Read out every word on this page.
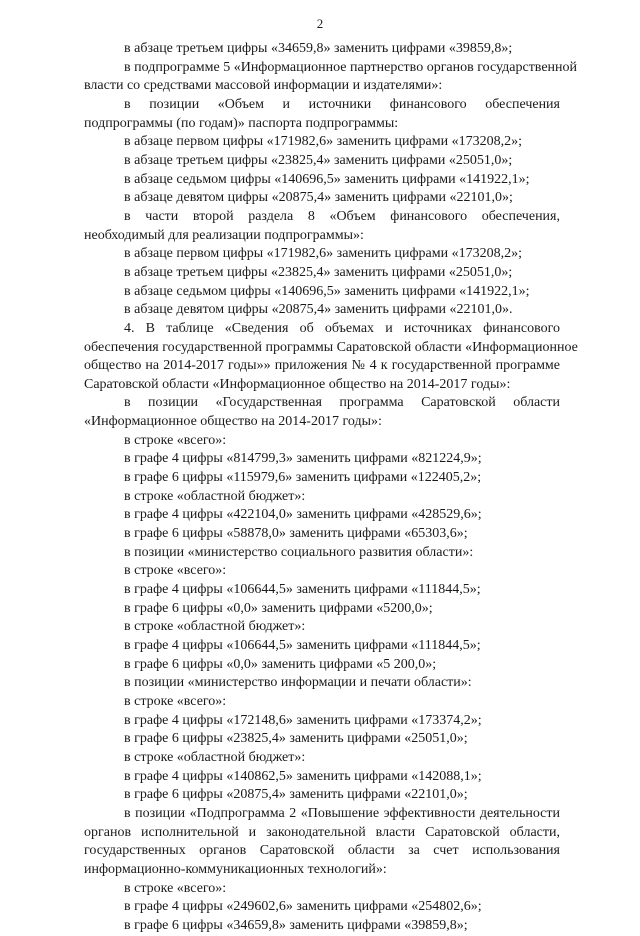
2
в абзаце третьем цифры «34659,8» заменить цифрами «39859,8»;
в подпрограмме 5 «Информационное партнерство органов государственной
власти со средствами массовой информации и издателями»:
в позиции «Объем и источники финансового обеспечения
подпрограммы (по годам)» паспорта подпрограммы:
в абзаце первом цифры «171982,6» заменить цифрами «173208,2»;
в абзаце третьем цифры «23825,4» заменить цифрами «25051,0»;
в абзаце седьмом цифры «140696,5» заменить цифрами «141922,1»;
в абзаце девятом цифры «20875,4» заменить цифрами «22101,0»;
в части второй раздела 8 «Объем финансового обеспечения,
необходимый для реализации подпрограммы»:
в абзаце первом цифры «171982,6» заменить цифрами «173208,2»;
в абзаце третьем цифры «23825,4» заменить цифрами «25051,0»;
в абзаце седьмом цифры «140696,5» заменить цифрами «141922,1»;
в абзаце девятом цифры «20875,4» заменить цифрами «22101,0».
4. В таблице «Сведения об объемах и источниках финансового
обеспечения государственной программы Саратовской области «Информационное
общество на 2014-2017 годы»» приложения № 4 к государственной программе
Саратовской области «Информационное общество на 2014-2017 годы»:
в позиции «Государственная программа Саратовской области
«Информационное общество на 2014-2017 годы»:
в строке «всего»:
в графе 4 цифры «814799,3» заменить цифрами «821224,9»;
в графе 6 цифры «115979,6» заменить цифрами «122405,2»;
в строке «областной бюджет»:
в графе 4 цифры «422104,0» заменить цифрами «428529,6»;
в графе 6 цифры «58878,0» заменить цифрами «65303,6»;
в позиции «министерство социального развития области»:
в строке «всего»:
в графе 4 цифры «106644,5» заменить цифрами «111844,5»;
в графе 6 цифры «0,0» заменить цифрами «5200,0»;
в строке «областной бюджет»:
в графе 4 цифры «106644,5» заменить цифрами «111844,5»;
в графе 6 цифры «0,0» заменить цифрами «5 200,0»;
в позиции «министерство информации и печати области»:
в строке «всего»:
в графе 4 цифры «172148,6» заменить цифрами «173374,2»;
в графе 6 цифры «23825,4» заменить цифрами «25051,0»;
в строке «областной бюджет»:
в графе 4 цифры «140862,5» заменить цифрами «142088,1»;
в графе 6 цифры «20875,4» заменить цифрами «22101,0»;
в позиции «Подпрограмма 2 «Повышение эффективности деятельности
органов исполнительной и законодательной власти Саратовской области,
государственных органов Саратовской области за счет использования
информационно-коммуникационных технологий»:
в строке «всего»:
в графе 4 цифры «249602,6» заменить цифрами «254802,6»;
в графе 6 цифры «34659,8» заменить цифрами «39859,8»;
